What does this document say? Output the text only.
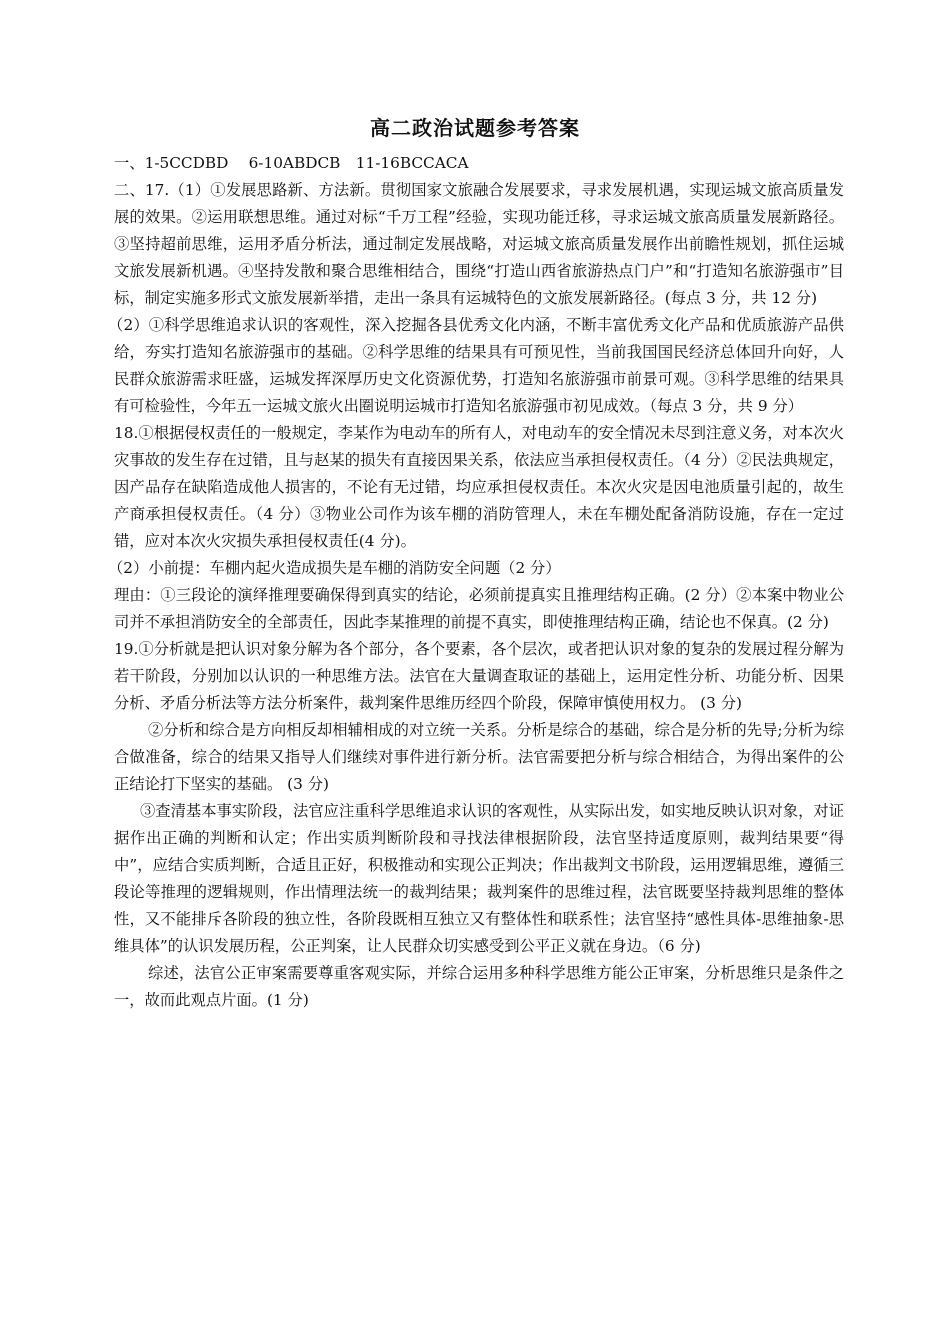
高二政治试题参考答案

一、1-5CCDBD　 6-10ABDCB　11-16BCCACA

二、17.（1）①发展思路新、方法新。贯彻国家文旅融合发展要求，寻求发展机遇，实现运城文旅高质量发展的效果。②运用联想思维。通过对标“千万工程”经验，实现功能迁移，寻求运城文旅高质量发展新路径。③坚持超前思维，运用矛盾分析法，通过制定发展战略，对运城文旅高质量发展作出前瞻性规划，抓住运城文旅发展新机遇。④坚持发散和聚合思维相结合，围绕“打造山西省旅游热点门户”和“打造知名旅游强市”目标，制定实施多形式文旅发展新举措，走出一条具有运城特色的文旅发展新路径。(每点 3 分，共 12 分)

（2）①科学思维追求认识的客观性，深入挖掘各县优秀文化内涵，不断丰富优秀文化产品和优质旅游产品供给，夯实打造知名旅游强市的基础。②科学思维的结果具有可预见性，当前我国国民经济总体回升向好，人民群众旅游需求旺盛，运城发挥深厚历史文化资源优势，打造知名旅游强市前景可观。③科学思维的结果具有可检验性，今年五一运城文旅火出圈说明运城市打造知名旅游强市初见成效。（每点 3 分，共 9 分）

18.①根据侵权责任的一般规定，李某作为电动车的所有人，对电动车的安全情况未尽到注意义务，对本次火灾事故的发生存在过错，且与赵某的损失有直接因果关系，依法应当承担侵权责任。（4 分）②民法典规定，因产品存在缺陷造成他人损害的，不论有无过错，均应承担侵权责任。本次火灾是因电池质量引起的，故生产商承担侵权责任。（4 分）③物业公司作为该车棚的消防管理人，未在车棚处配备消防设施，存在一定过错，应对本次火灾损失承担侵权责任(4 分)。

（2）小前提：车棚内起火造成损失是车棚的消防安全问题（2 分）

理由：①三段论的演绎推理要确保得到真实的结论，必须前提真实且推理结构正确。(2 分）②本案中物业公司并不承担消防安全的全部责任，因此李某推理的前提不真实，即使推理结构正确，结论也不保真。(2 分)

19.①分析就是把认识对象分解为各个部分，各个要素，各个层次，或者把认识对象的复杂的发展过程分解为若干阶段，分别加以认识的一种思维方法。法官在大量调查取证的基础上，运用定性分析、功能分析、因果分析、矛盾分析法等方法分析案件，裁判案件思维历经四个阶段，保障审慎使用权力。 (3 分)

②分析和综合是方向相反却相辅相成的对立统一关系。分析是综合的基础，综合是分析的先导;分析为综合做准备，综合的结果又指导人们继续对事件进行新分析。法官需要把分析与综合相结合，为得出案件的公正结论打下坚实的基础。 (3 分)

③查清基本事实阶段，法官应注重科学思维追求认识的客观性，从实际出发，如实地反映认识对象，对证据作出正确的判断和认定；作出实质判断阶段和寻找法律根据阶段，法官坚持适度原则，裁判结果要“得中”，应结合实质判断，合适且正好，积极推动和实现公正判决；作出裁判文书阶段，运用逻辑思维，遵循三段论等推理的逻辑规则，作出情理法统一的裁判结果；裁判案件的思维过程，法官既要坚持裁判思维的整体性，又不能排斥各阶段的独立性，各阶段既相互独立又有整体性和联系性；法官坚持“感性具体-思维抽象-思维具体”的认识发展历程，公正判案，让人民群众切实感受到公平正义就在身边。（6 分)

综述，法官公正审案需要尊重客观实际，并综合运用多种科学思维方能公正审案，分析思维只是条件之一，故而此观点片面。(1 分)
